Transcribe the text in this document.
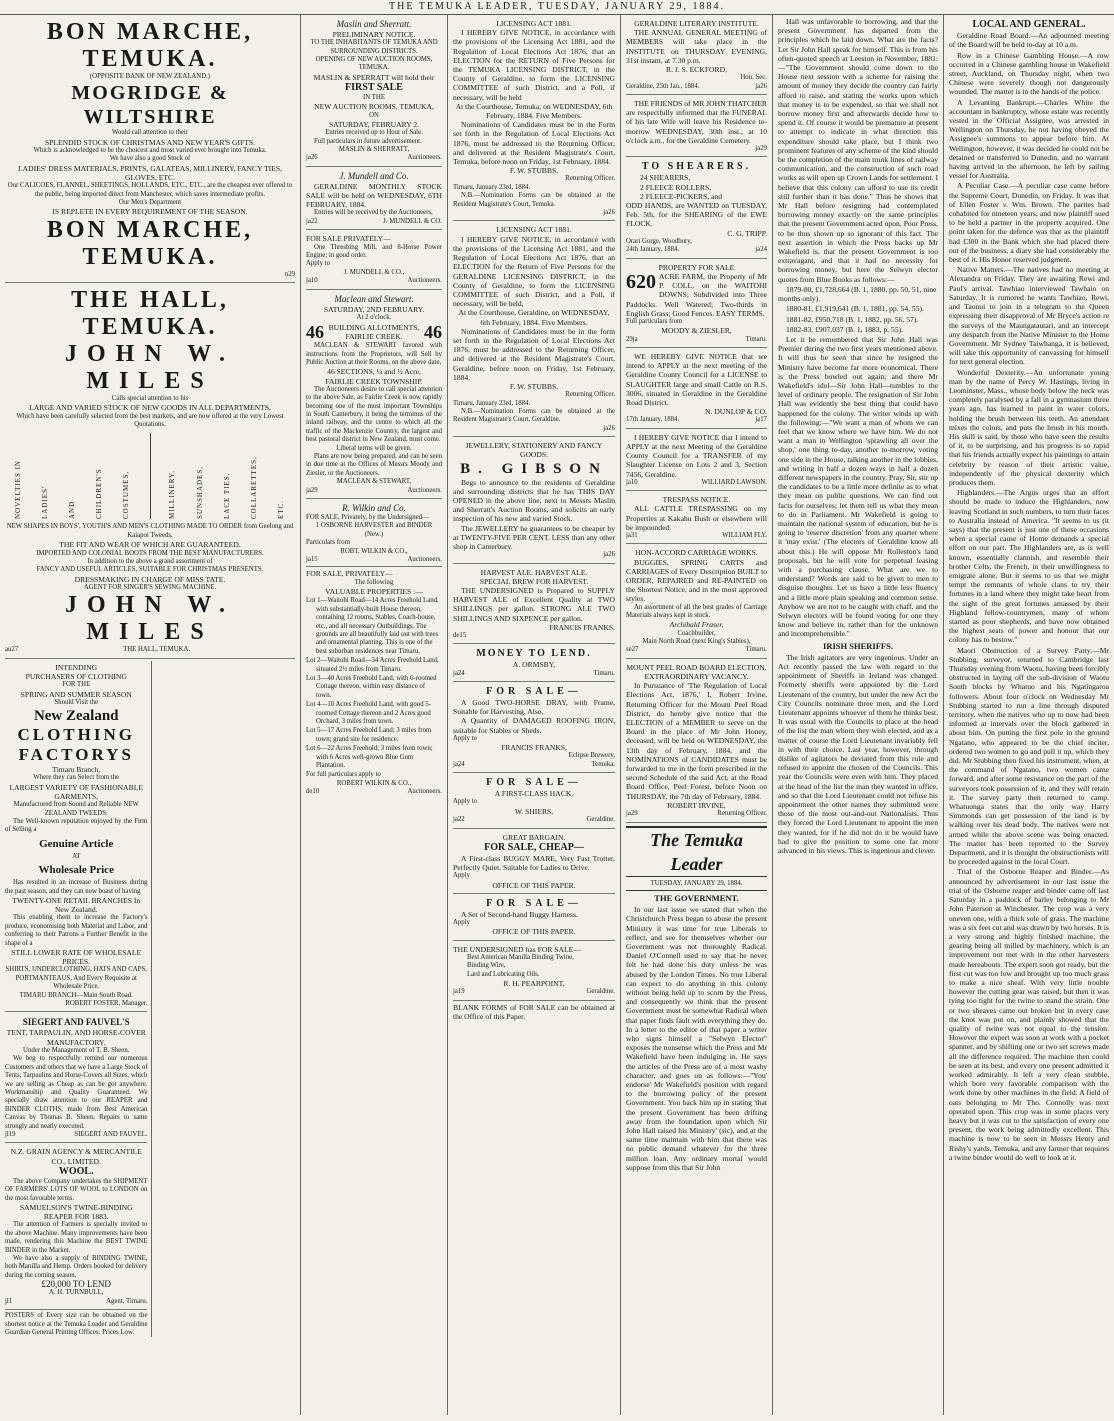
THE TEMUKA LEADER, TUESDAY, JANUARY 29, 1884.
BON MARCHE, TEMUKA.
(OPPOSITE BANK OF NEW ZEALAND.)
MOGRIDGE & WILTSHIRE
Would call attention to their
SPLENDID STOCK OF CHRISTMAS AND NEW YEAR'S GIFTS.
Which is acknowledged to be the choicest and most varied ever brought into Temuka.
We have also a good Stock of
LADIES' DRESS MATERIALS, PRINTS, GALATEAS, MILLINERY, FANCY TIES, GLOVES, ETC.
Our CALICOES, FLANNEL, SHEETINGS, HOLLANDS, ETC., ETC., are the cheapest ever offered to the public, being imported direct from Manchester, which saves intermediate profits.
Our Men's Department
IS REPLETE IN EVERY REQUIREMENT OF THE SEASON.
BON MARCHE, TEMUKA.
n29
THE HALL, TEMUKA.
JOHN W. MILES
Calls special attention to his
LARGE AND VARIED STOCK OF NEW GOODS IN ALL DEPARTMENTS,
Which have been carefully selected from the best markets, and are now offered at the very Lowest Quotations.
NOVELTIES IN	LADIES'	AND	CHILDREN'S	COSTUMES,	MILLINERY,	SUNSHADES,	LACE TIES,	COLLARETTES,	ETC.
NEW SHAPES IN BOYS', YOUTH'S AND MEN'S CLOTHING MADE TO ORDER from Geelong and Kaiapoi Tweeds.
THE FIT AND WEAR OF WHICH ARE GUARANTEED.
IMPORTED AND COLONIAL BOOTS FROM THE BEST MANUFACTURERS.
In addition to the above a grand assortment of
FANCY AND USEFUL ARTICLES, SUITABLE FOR CHRISTMAS PRESENTS.
DRESSMAKING IN CHARGE OF MISS TATE.
AGENT FOR SINGER'S SEWING MACHINE.
JOHN W. MILES
au27	THE HALL, TEMUKA.
INTENDING
PURCHASERS OF CLOTHING
FOR THE
SPRING AND SUMMER SEASON
Should Visit the
New Zealand
CLOTHING
FACTORYS
Timaru Branch,
Where they can Select from the
LARGEST VARIETY OF FASHIONABLE GARMENTS,
Manufactured from Sound and Reliable NEW ZEALAND TWEEDS.
The Well-known reputation enjoyed by the Firm of Selling a
Genuine Article
AT
Wholesale Price
Has resulted in an increase of Business during the past season, and they can now boast of having
TWENTY-ONE RETAIL BRANCHES In New Zealand.
This enabling them to increase the Factory's produce, economising both Material and Labor, and conferring to their Patrons a Further Benefit in the shape of a
STILL LOWER RATE OF WHOLESALE PRICES.
SHIRTS, UNDERCLOTHING, HATS AND CAPS, PORTMANTEAUS, And Every Requisite at Wholesale Price.
TIMARU BRANCH—Main South Road.
ROBERT FOSTER, Manager.
SIEGERT AND FAUVEL'S
TENT, TARPAULIN, AND HORSE-COVER MANUFACTORY.
Under the Management of T. B. Sheen.
We beg to respectfully remind our numerous Customers and others that we have a Large Stock of Tents, Tarpaulins and Horse-Covers all Sizes, which we are selling as Cheap as can be got anywhere. Workmanship and Quality Guaranteed. We specially draw attention to our REAPER and BINDER CLOTHS, made from Best American Canvas by Thomas B. Sheen. Repairs to same strongly and neatly executed.
jl19	SIEGERT AND FAUVEL.
N.Z. GRAIN AGENCY & MERCANTILE CO., LIMITED.
WOOL.
The above Company undertakes the SHIPMENT OF FARMERS' LOTS OF WOOL to LONDON on the most favorable terms.
SAMUELSON'S TWINE-BINDING REAPER FOR 1883.
The attention of Farmers is specially invited to the above Machine. Many improvements have been made, rendering this Machine the BEST TWINE BINDER in the Market.
We have also a supply of BINDING TWINE, both Manilla and Hemp. Orders booked for delivery during the coming season.
£20,000 TO LEND
A. H. TURNBULL,
jl1	Agent, Timaru.
POSTERS of Every size can be obtained on the shortest notice at the Temuka Leader and Geraldine Guardian General Printing Offices. Prices Low.
Maslin and Sherratt.
PRELIMINARY NOTICE.
TO THE INHABITANTS OF TEMUKA AND SURROUNDING DISTRICTS.
OPENING OF NEW AUCTION ROOMS, TEMUKA.
MASLIN & SPERRATT will hold their
FIRST SALE
IN THE
NEW AUCTION ROOMS, TEMUKA,
ON
SATURDAY, FEBRUARY 2.
Entries received up to Hour of Sale.
Full particulars in future advertisement.
MASLIN & SHERRATT,
ja26	Auctioneers.
J. Mundell and Co.
GERALDINE MONTHLY STOCK SALE will be held on WEDNESDAY, 6TH FEBRUARY, 1884.
Entries will be received by the Auctioneers,
ja22	J. MUNDELL & CO.
FOR SALE PRIVATELY—
One Threshing Mill, and 8-Horse Power Engine; in good order.
Apply to
J. MUNDELL & CO.,
jа10	Auctioneers.
Maclean and Stewart.
SATURDAY, 2ND FEBRUARY.
At 2 o'clock.
46 BUILDING ALLOTMENTS, FAIRLIE CREEK.	46
MACLEAN & STEWART favored with instructions from the Proprietors, will Sell by Public Auction at their Rooms, on the above date,
46 SECTIONS, ¼ and ½ Acre,
FAIRLIE CREEK TOWNSHIP.
The Auctioneers desire to call special attention to the above Sale, as Fairlie Creek is now rapidly becoming one of the most important Townships in South Canterbury, it being the terminus of the inland railway, and the centre to which all the traffic of the Mackenzie Country, the largest and best pastoral district in New Zealand, must come.
Liberal terms will be given.
Plans are now being prepared, and can be seen in due time at the Offices of Messrs Moody and Ziesler, or the Auctioneers.
MACLEAN & STEWART,
ja29	Auctioneers.
R. Wilkin and Co.
FOR SALE, Privately, by the Undersigned—
1 OSBORNE HARVESTER and BINDER (New.)
Particulars from
ROBT. WILKIN & CO.,
ja15	Auctioneers.
FOR SALE, PRIVATELY—
The following
VALUABLE PROPERTIES :—
Lot 1—Waitohi Road—14 Acres Freehold Land, with substantially-built House thereon, containing 12 rooms, Stables, Coach-house, etc., and all necessary Outbuildings. The grounds are all beautifully laid out with trees and ornamental planting. This is one of the best suburban residences near Timaru.
Lot 2—Waitohi Road—34 Acres Freehold Land, situated 2½ miles from Timaru.
Lot 3—40 Acres Freehold Land, with 6-roomed Cottage thereon, within easy distance of town.
Lot 4—10 Acres Freehold Land, with good 5-roomed Cottage thereon and 2 Acres good Orchard, 3 miles from town.
Lot 5—17 Acres Freehold Land; 3 miles from town; grand site for residence.
Lot 6—22 Acres Freehold; 3 miles from town; with 6 Acres well-grown Blue Gum Plantation.
For full particulars apply to
ROBERT WILKIN & CO.,
de10	Auctioneers.
LICENSING ACT 1881.
I HEREBY GIVE NOTICE, in accordance with the provisions of the Licensing Act 1881, and the Regulation of Local Elections Act 1876, that an ELECTION for the RETURN of Five Persons for the TEMUKA LICENSING DISTRICT, in the County of Geraldine, to form the LICENSING COMMITTEE of such District, and a Poll, if necessary, will be held
At the Courthouse, Temuka, on WEDNESDAY, 6th February, 1884. Five Members.
Nominations of Candidates must be in the Form set forth in the Regulation of Local Elections Act 1876, must be addressed to the Returning Officer, and delivered at the Resident Magistrate's Court, Temuka, before noon on Friday, 1st February, 1884.
F. W. STUBBS,
Returning Officer.
Timaru, January 23rd, 1884.
N.B.—Nomination Forms can be obtained at the Resident Magistrate's Court, Temuka.
ja26
LICENSING ACT 1881.
I HEREBY GIVE NOTICE, in accordance with the provisions of the Licensing Act 1881, and the Regulation of Local Elections Act 1876, that an ELECTION for the Return of Five Persons for the GERALDINE LICENSING DISTRICT, in the County of Geraldine, to form the LICENSING COMMITTEE of such District, and a Poll, if necessary, will be held,
At the Courthouse, Geraldine, on WEDNESDAY, 6th February, 1884. Five Members.
Nominations of Candidates must be in the form set forth in the Regulation of Local Elections Act 1876, must be addressed to the Returning Officer, and delivered at the Resident Magistrate's Court, Geraldine, before noon on Friday, 1st February, 1884.
F. W. STUBBS,
Returning Officer.
Timaru, January 23rd, 1884.
N.B.—Nomination Forms can be obtained at the Resident Magistrate's Court, Geraldine.
ja26
JEWELLERY, STATIONERY AND FANCY GOODS.
B. GIBSON
Begs to announce to the residents of Geraldine and surrounding districts that he has THIS DAY OPENED in the above line, next to Messrs Maslin and Sherratt's Auction Rooms, and solicits an early inspection of his new and varied Stock.
The JEWELLERY he guarantees to be cheaper by at TWENTY-FIVE PER CENT. LESS than any other shop in Canterbury.
ja26
HARVEST ALE. HARVEST ALE.
SPECIAL BREW FOR HARVEST.
THE UNDERSIGNED is Prepared to SUPPLY HARVEST ALE of Excellent Quality at TWO SHILLINGS per gallon. STRONG ALE TWO SHILLINGS AND SIXPENCE per gallon.
FRANCIS FRANKS.
de15
MONEY TO LEND.
A. ORMSBY,
ja24	Timaru.
FOR SALE—
A Good TWO-HORSE DRAY, with Frame, Suitable for Harvesting. Also,
A Quantity of DAMAGED ROOFING IRON, suitable for Stables or Sheds.
Apply to
FRANCIS FRANKS,
Eclipse Brewery,
ja24	Temuka.
FOR SALE—
A FIRST-CLASS HACK.
Apply to
W. SHIERS,
ja22	Geraldine.
GREAT BARGAIN.
FOR SALE, CHEAP—
A First-class BUGGY MARE, Very Fast Trotter, Perfectly Quiet. Suitable for Ladies to Drive.
Apply
OFFICE OF THIS PAPER.
FOR SALE—
A Set of Second-hand Buggy Harness.
Apply
OFFICE OF THIS PAPER.
THE UNDERSIGNED has FOR SALE—
Best American Manilla Binding Twine,
Binding Wire,
Lard and Lubricating Oils.
R. H. PEARPOINT,
ja19	Geraldine.
BLANK FORMS of FOR SALE can be obtained at the Office of this Paper.
GERALDINE LITERARY INSTITUTE.
THE ANNUAL GENERAL MEETING of MEMBERS will take place in the INSTITUTE on THURSDAY EVENING, 31st instant, at 7.30 p.m.
R. J. S. ECKFORD,
Hon. Sec.
Geraldine, 25th Jan., 1884.	ja26
THE FRIENDS of MR JOHN THATCHER are respectfully informed that the FUNERAL of his late Wife will leave his Residence to-morrow WEDNESDAY, 30th inst., at 10 o'clock a.m., for the Geraldine Cemetery.
ja29
TO SHEARERS.
24 SHEARERS,
2 FLEECE ROLLERS,
2 FLEECE-PICKERS, and
ODD HANDS, are WANTED on TUESDAY, Feb. 5th, for the SHEARING of the EWE FLOCK.
C. G. TRIPP.
Orari Gorge, Woodbury,
24th January, 1884.	ja24
PROPERTY FOR SALE
620 ACRE FARM, the Property of Mr P. COLL, on the WAITOHI DOWNS; Subdivided into Three Paddocks. Well Watered; Two-thirds in English Grass; Good Fences. EASY TERMS.
Full particulars from
MOODY & ZIESLER,
29ja	Timaru.
WE HEREBY GIVE NOTICE that we intend to APPLY at the next meeting of the Geraldine County Council for a LICENSE to SLAUGHTER large and small Cattle on R.S. 3006, situated in Geraldine in the Geraldine Road District.
N. DUNLOP & CO.
17th January, 1884.	ja17
I HEREBY GIVE NOTICE that I intend to APPLY at the next Meeting of the Geraldine County Council for a TRANSFER of my Slaughter License on Lots 2 and 3, Section 7456, Geraldine.
ja10	WILLIARD LAWSON.
TRESPASS NOTICE.
ALL CATTLE TRESPASSING on my Properties at Kakahu Bush or elsewhere will be impounded.
ja31	WILLIAM FLY.
HON-ACCORD CARRIAGE WORKS.
BUGGIES, SPRING CARTS and CARRIAGES of Every Description BUILT to ORDER, REPAIRED and RE-PAINTED on the Shortest Notice, and in the most approved styles.
An assortment of all the best grades of Carriage Materials always kept in stock.
Archibald Fraser,
Coachbuilder,
Main North Road (next King's Stables),
se27	Timaru.
MOUNT PEEL ROAD BOARD ELECTION.
EXTRAORDINARY VACANCY.
In Pursuance of 'The Regulation of Local Elections Act, 1876,' I, Robert Irvine, Returning Officer for the Mount Peel Road District, do hereby give notice that the ELECTION of a MEMBER to serve on the Board in the place of Mr John Honey, deceased, will be held on WEDNESDAY, the 13th day of February, 1884, and the NOMINATIONS of CANDIDATES must be forwarded to me in the form prescribed in the second Schedule of the said Act, at the Road Board Office, Peel Forest, before Noon on THURSDAY, the 7th day of February, 1884.
ROBERT IRVINE,
ja29	Returning Officer.
The Temuka Leader
TUESDAY, JANUARY 29, 1884.
THE GOVERNMENT.
In our last issue we stated that when the Christchurch Press began to abuse the present Ministry it was time for true Liberals to reflect, and see for themselves whether our Government was not thoroughly Radical. Daniel O'Connell used to say that he never felt he had done his duty unless he was abused by the London Times. No true Liberal can expect to do anything in this colony without being held up to scorn by the Press, and consequently we think that the present Government must be somewhat Radical when that paper finds fault with everything they do. In a letter to the editor of that paper a writer who signs himself a "Selwyn Elector" exposes the nonsense which the Press and Mr Wakefield have been indulging in. He says the articles of the Press are of a most washy character, and goes on as follows:—"You' endorse' Mr Wakefield's position with regard to the borrowing policy of the present Government. You back him up in stating 'that the present Government has been drifting away from the foundation upon which Sir John Hall raised his Ministry' (sic), and at the same time maintain with him that there was no public demand whatever for the three million loan. Any ordinary mortal would suppose from this that Sir John
Hall was unfavorable to borrowing, and that the present Government has departed from the principles which he laid down. What are the facts? Let Sir John Hall speak for himself. This is from his often-quoted speech at Leeston in November, 1881:—"The Government should come down to the House next session with a scheme for raising the amount of money they decide the country can fairly afford to raise, and stating the works upon which that money is to be expended, so that we shall not borrow money first and afterwards decide how to spend it. Of course it would be premature at present to attempt to indicate in what direction this expenditure should take place, but I think two prominent features of any scheme of the kind should be the completion of the main trunk lines of railway communication, and the construction of such road works as will open up Crown Lands for settlement. I believe that this colony can afford to use its credit still further than it has done." Thus he shows that Mr Hall before resigning had contemplated borrowing money exactly on the same principles that the present Government acted upon. Poor Press, to be thus shown up so ignorant of this fact. The next assertion in which the Press backs up Mr Wakefield is, that the present Government is too extravagant, and that it had no necessity for borrowing money, but here the Selwyn elector quotes from Blue Books as follows:—
1879-80, £1,728,664 (B. 1, 1880, pp. 50, 51, nine months only).
1880-81, £1,919,641 (B. 1, 1881, pp. 54, 55).
1881-82, £950,718 (B. 1, 1882, pp. 56, 57).
1882-83, £907,037 (B. 1, 1883, p. 55).
Let it be remembered that Sir John Hall was Premier during the two first years mentioned above. It will thus be seen that since he resigned the Ministry have become far more economical. There is the Press bowled out again; and there Mr Wakefield's idol—Sir John Hall—tumbles to the level of ordinary people. The resignation of Sir John Hall was evidently the best thing that could have happened for the colony. The writer winds up with the following:—"We want a man of whom we can feel that we know where we have him. We do not want a man in Wellington 'sprawling all over the shop,' one thing to-day, another to-morrow, voting one side in the House, talking another in the lobbies, and writing in half a dozen ways in half a dozen different newspapers in the country. Pray, Sir, stir up the candidates to be a little more definite as to what they mean on public questions. We can find out facts for ourselves; let them tell us what they mean to do in Parliament. Mr Wakefield is going to maintain the national system of education, but he is going to 'reserve discretion' from any quarter where it 'may exist.' (The electors of Geraldine know all about this.) He will oppose Mr Rolleston's land proposals, but he will vote for perpetual leasing with a purchasing clause. What are we to understand? Words are said to be given to men to disguise thoughts. Let us have a little less fluency and a little more plain speaking and common sense. Anyhow we are not to be caught with chaff, and the Selwyn electors will be found voting for one they know and believe in, rather than for the unknown and incomprehensible."
IRISH SHERIFFS.
The Irish agitators are very ingenious. Under an Act recently passed the law with regard to the appointment of Sheriffs in Ireland was changed. Formerly sheriffs were appointed by the Lord Lieutenant of the country, but under the new Act the City Councils nominate three men, and the Lord Lieutenant appoints whoever of them he thinks best. It was usual with the Councils to place at the head of the list the man whom they wish elected, and as a matter of course the Lord Lieutenant invariably fell in with their choice. Last year, however, through dislike of agitators he deviated from this rule and refused to appoint the chosen of the Councils. This year the Councils were even with him. They placed at the head of the list the man they wanted in office, and so that the Lord Lieutenant could not refuse his appointment the other names they submitted were those of the most out-and-out Nationalists. Thus they forced the Lord Lieutenant to appoint the men they wanted, for if he did not do it he would have had to give the position to some one far more advanced in his views. This is ingenious and clever.
LOCAL AND GENERAL.
Geraldine Road Board.—An adjourned meeting of the Board will be held to-day at 10 a.m.
Row in a Chinese Gambling House.—A row occurred in a Chinese gambling house in Wakefield street, Auckland, on Thursday night, when two Chinese were severely though not dangerously wounded. The matter is in the hands of the police.
A Levanting Bankrupt.—Charles White the accountant in bankruptcy, whose estate was recently vested in the Official Assignee, was arrested in Wellington on Thursday, he not having obeyed the Assignee's summons to appear before him. At Wellington, however, it was decided he could not be detained or transferred to Dunedin, and no warrant having arrived in the afternoon, he left by sailing vessel for Australia.
A Peculiar Case.—A peculiar case came before the Supreme Court, Dunedin, on Friday. It was that of Ellen Foster v. Wm. Brown. The parties had cohabited for nineteen years, and now plaintiff sued to be held a partner in the property acquired. One point taken for the defence was that as the plaintiff had £300 in the Bank which she had placed there out of the business, a diary she had considerably the best of it. His Honor reserved judgment.
Native Matters.—The natives had no meeting at Alexandra on Friday. They are awaiting Rewi and Paul's arrival. Tawhiao interviewed Tawhaio on Saturday. It is rumored he wants Tawhiao, Rewi, and Taonui to join in a telegram to the Queen expressing their disapproval of Mr Bryce's action re the surveys of the Maungatautari, and an intercept any despatch from the Native Minister to the Home Government. Mr Sydney Taiwhanga, it is believed, will take this opportunity of canvassing for himself for next general election.
Wonderful Dexterity.—An unfortunate young man by the name of Percy W. Hastings, living in Leominster, Mass., whose body below the neck was completely paralysed by a fall in a gymnasium three years ago, has learned to paint in water colors, holding the brush between his teeth. An attendant mixes the colors, and puts the brush in his mouth. His skill is said, by those who have seen the results of it, to be surprising, and his progress is so rapid that his friends actually expect his paintings to attain celebrity by reason of their artistic value, independently of the physical dexterity which produces them.
Highlanders.—The Argus urges that an effort should be made to induce the Highlanders, now leaving Scotland in such numbers, to turn their faces to Australia instead of America. "It seems to us (it says) that the present is just one of those occasions when a special cause of Home demands a special effort on our part. The Highlanders are, as is well known, essentially clannish, and resemble their brother Celts, the French, in their unwillingness to emigrate alone. But it seems to us that we might tempt the remnants of whole clans to try their fortunes in a land where they might take heart from the sight of the great fortunes amassed by their Highland fellow-countrymen, many of whom started as poor shepherds, and have now obtained the highest seats of power and honour that our colony has to bestow."
Maori Obstruction of a Survey Party.—Mr Stubbing, surveyor, returned to Cambridge last Thursday evening from Waotu, having been forcibly obstructed in laying off the sub-division of Waotu South blocks by Whatuo and his Ngatingaroa followers. About four o'clock on Wednesday Mr Stubbing started to run a line through disputed territory, when the natives who up to now had been informed at intervals over the block gathered in about him. On putting the first pole in the ground Ngatano, who appeared to be the chief inciter, ordered two women to go and pull it up, which they did. Mr Stubbing then fixed his instrument, when, at the command of Ngatano, two women came forward, and after some resistance on the part of the surveyors took possession of it, and they will retain it. The survey party then returned to camp. Whatuonga states that the only way Harry Simmonds can get possession of the land is by walking over his dead body. The natives were not armed while the above scene was being enacted. The matter has been reported to the Survey Department, and it is thought the obstructionists will be proceeded against in the local Court.
Trial of the Osborne Reaper and Binder.—As announced by advertisement in our last issue the trial of the Osborne reaper and binder came off last Saturday in a paddock of barley belonging to Mr John Paterson at Winchester. The crop was a very uneven one, with a thick sole of grass. The machine was a six feet cut and was drawn by two horses. It is a very strong and highly finished machine, the gearing being all milled by machinery, which is an improvement not met with in the other harvesters made hereabouts. The expert soon got ready, but the first cut was too low and brought up too much grass to make a nice sheaf. With very little trouble however the cutting gear was raised, but then it was tying too tight for the twine to stand the strain. One or two sheaves came out broken but in every case the knot was put on, and plainly showed that the quality of twine was not equal to the tension. However the expert was soon at work with a pocket spanner, and by shifting one or two set screws made all the difference required. The machine then could be seen at its best, and every one present admitted it worked admirably. It left a very clean stubble, which bore very favorable comparison with the work done by other machines in the field. A field of oats belonging to Mr Tho. Connolly was next operated upon. This crop was in some places very heavy but it was cut to the satisfaction of every one present, the work being admittedly excellent. This machine is now to be seen in Messrs Henry and Rishy's yards, Temuka, and any farmer that requires a twine binder would do well to look at it.
